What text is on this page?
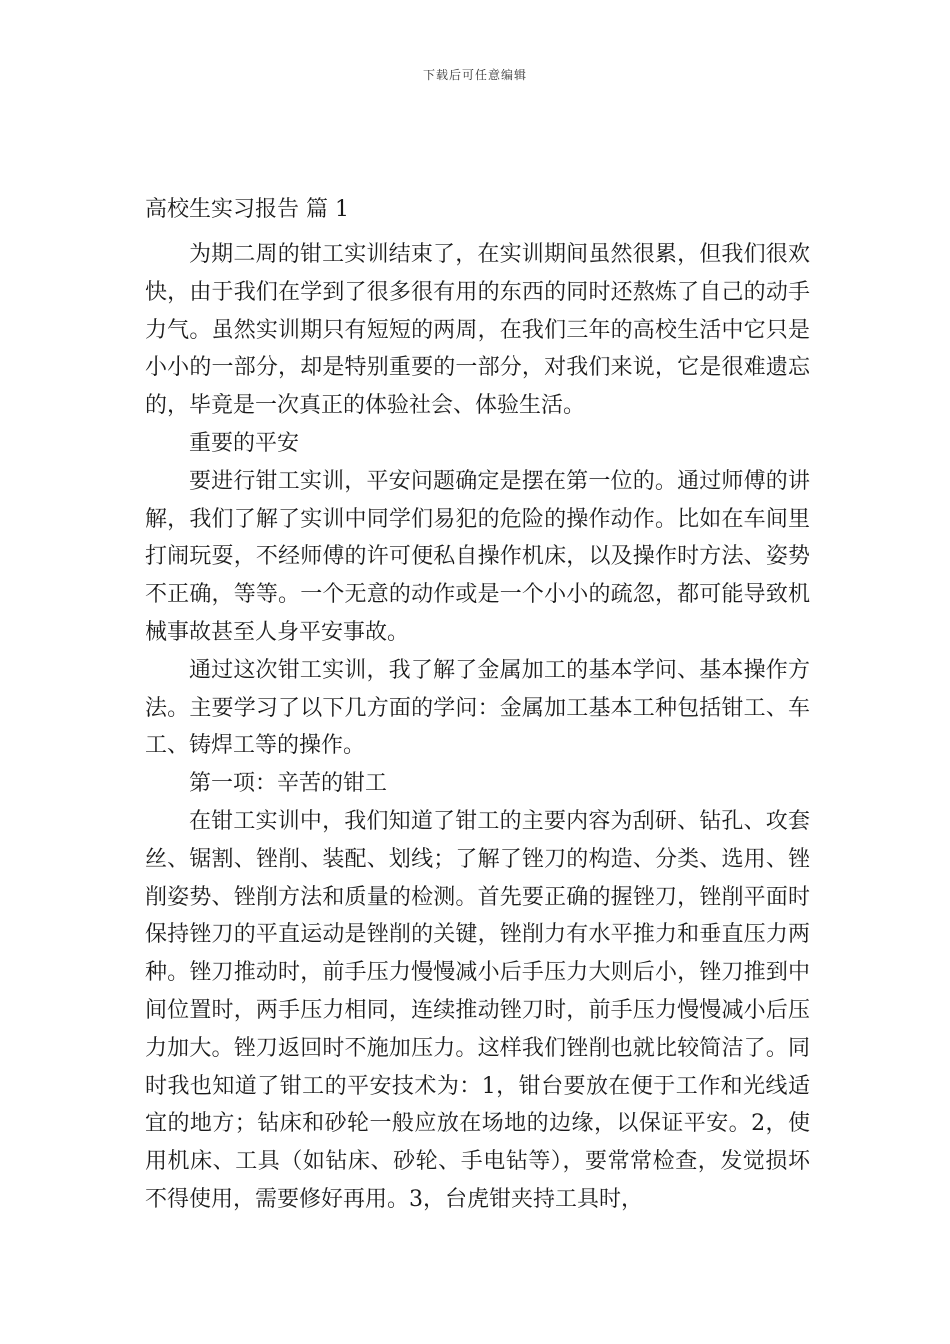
下载后可任意编辑
高校生实习报告 篇 1

为期二周的钳工实训结束了，在实训期间虽然很累，但我们很欢快，由于我们在学到了很多很有用的东西的同时还熬炼了自己的动手力气。虽然实训期只有短短的两周，在我们三年的高校生活中它只是小小的一部分，却是特别重要的一部分，对我们来说，它是很难遗忘的，毕竟是一次真正的体验社会、体验生活。

重要的平安

要进行钳工实训，平安问题确定是摆在第一位的。通过师傅的讲解，我们了解了实训中同学们易犯的危险的操作动作。比如在车间里打闹玩耍，不经师傅的许可便私自操作机床，以及操作时方法、姿势不正确，等等。一个无意的动作或是一个小小的疏忽，都可能导致机械事故甚至人身平安事故。

通过这次钳工实训，我了解了金属加工的基本学问、基本操作方法。主要学习了以下几方面的学问：金属加工基本工种包括钳工、车工、铸焊工等的操作。

第一项：辛苦的钳工

在钳工实训中，我们知道了钳工的主要内容为刮研、钻孔、攻套丝、锯割、锉削、装配、划线；了解了锉刀的构造、分类、选用、锉削姿势、锉削方法和质量的检测。首先要正确的握锉刀，锉削平面时保持锉刀的平直运动是锉削的关键，锉削力有水平推力和垂直压力两种。锉刀推动时，前手压力慢慢减小后手压力大则后小，锉刀推到中间位置时，两手压力相同，连续推动锉刀时，前手压力慢慢减小后压力加大。锉刀返回时不施加压力。这样我们锉削也就比较简洁了。同时我也知道了钳工的平安技术为：1，钳台要放在便于工作和光线适宜的地方；钻床和砂轮一般应放在场地的边缘，以保证平安。2，使用机床、工具（如钻床、砂轮、手电钻等），要常常检查，发觉损坏不得使用，需要修好再用。3，台虎钳夹持工具时，
